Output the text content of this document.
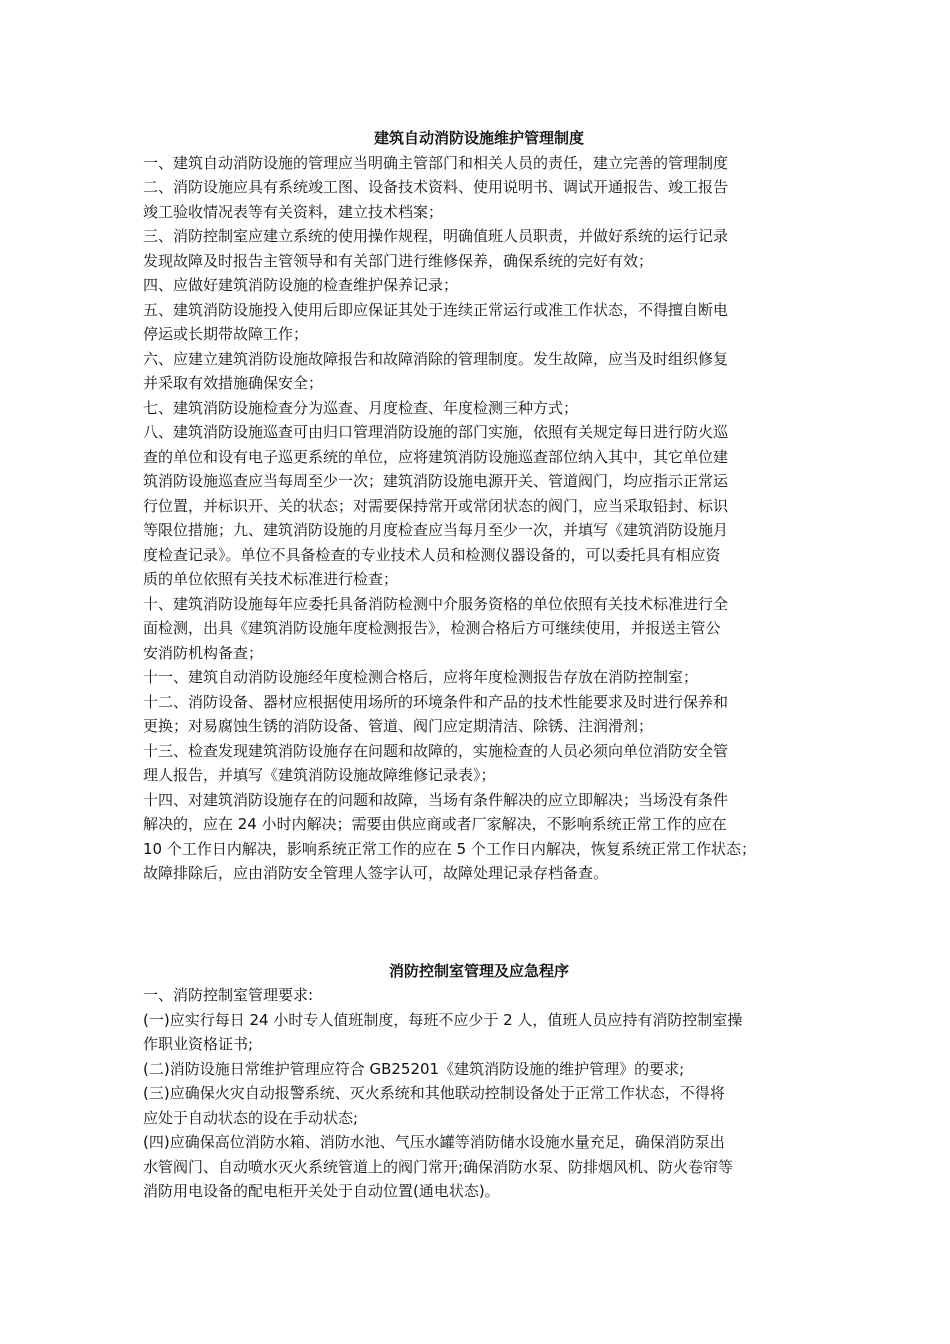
建筑自动消防设施维护管理制度

一、建筑自动消防设施的管理应当明确主管部门和相关人员的责任，建立完善的管理制度

二、消防设施应具有系统竣工图、设备技术资料、使用说明书、调试开通报告、竣工报告
竣工验收情况表等有关资料，建立技术档案；

三、消防控制室应建立系统的使用操作规程，明确值班人员职责，并做好系统的运行记录
发现故障及时报告主管领导和有关部门进行维修保养，确保系统的完好有效；

四、应做好建筑消防设施的检查维护保养记录；

五、建筑消防设施投入使用后即应保证其处于连续正常运行或准工作状态，不得擅自断电
停运或长期带故障工作；

六、应建立建筑消防设施故障报告和故障消除的管理制度。发生故障，应当及时组织修复
并采取有效措施确保安全；

七、建筑消防设施检查分为巡查、月度检查、年度检测三种方式；

八、建筑消防设施巡查可由归口管理消防设施的部门实施，依照有关规定每日进行防火巡
查的单位和设有电子巡更系统的单位，应将建筑消防设施巡查部位纳入其中，其它单位建
筑消防设施巡查应当每周至少一次；建筑消防设施电源开关、管道阀门，均应指示正常运
行位置，并标识开、关的状态；对需要保持常开或常闭状态的阀门，应当采取铅封、标识
等限位措施；九、建筑消防设施的月度检查应当每月至少一次，并填写《建筑消防设施月
度检查记录》。单位不具备检查的专业技术人员和检测仪器设备的，可以委托具有相应资
质的单位依照有关技术标准进行检查；

十、建筑消防设施每年应委托具备消防检测中介服务资格的单位依照有关技术标准进行全
面检测，出具《建筑消防设施年度检测报告》，检测合格后方可继续使用，并报送主管公
安消防机构备查；

十一、建筑自动消防设施经年度检测合格后，应将年度检测报告存放在消防控制室；

十二、消防设备、器材应根据使用场所的环境条件和产品的技术性能要求及时进行保养和
更换；对易腐蚀生锈的消防设备、管道、阀门应定期清洁、除锈、注润滑剂；

十三、检查发现建筑消防设施存在问题和故障的，实施检查的人员必须向单位消防安全管
理人报告，并填写《建筑消防设施故障维修记录表》；

十四、对建筑消防设施存在的问题和故障，当场有条件解决的应立即解决；当场没有条件
解决的，应在 24 小时内解决；需要由供应商或者厂家解决，不影响系统正常工作的应在
10 个工作日内解决，影响系统正常工作的应在 5 个工作日内解决，恢复系统正常工作状态；
故障排除后，应由消防安全管理人签字认可，故障处理记录存档备查。

消防控制室管理及应急程序

一、消防控制室管理要求:

(一)应实行每日 24 小时专人值班制度，每班不应少于 2 人，值班人员应持有消防控制室操
作职业资格证书;

(二)消防设施日常维护管理应符合 GB25201《建筑消防设施的维护管理》的要求;

(三)应确保火灾自动报警系统、灭火系统和其他联动控制设备处于正常工作状态，不得将
应处于自动状态的设在手动状态;

(四)应确保高位消防水箱、消防水池、气压水罐等消防储水设施水量充足，确保消防泵出
水管阀门、自动喷水灭火系统管道上的阀门常开;确保消防水泵、防排烟风机、防火卷帘等
消防用电设备的配电柜开关处于自动位置(通电状态)。
